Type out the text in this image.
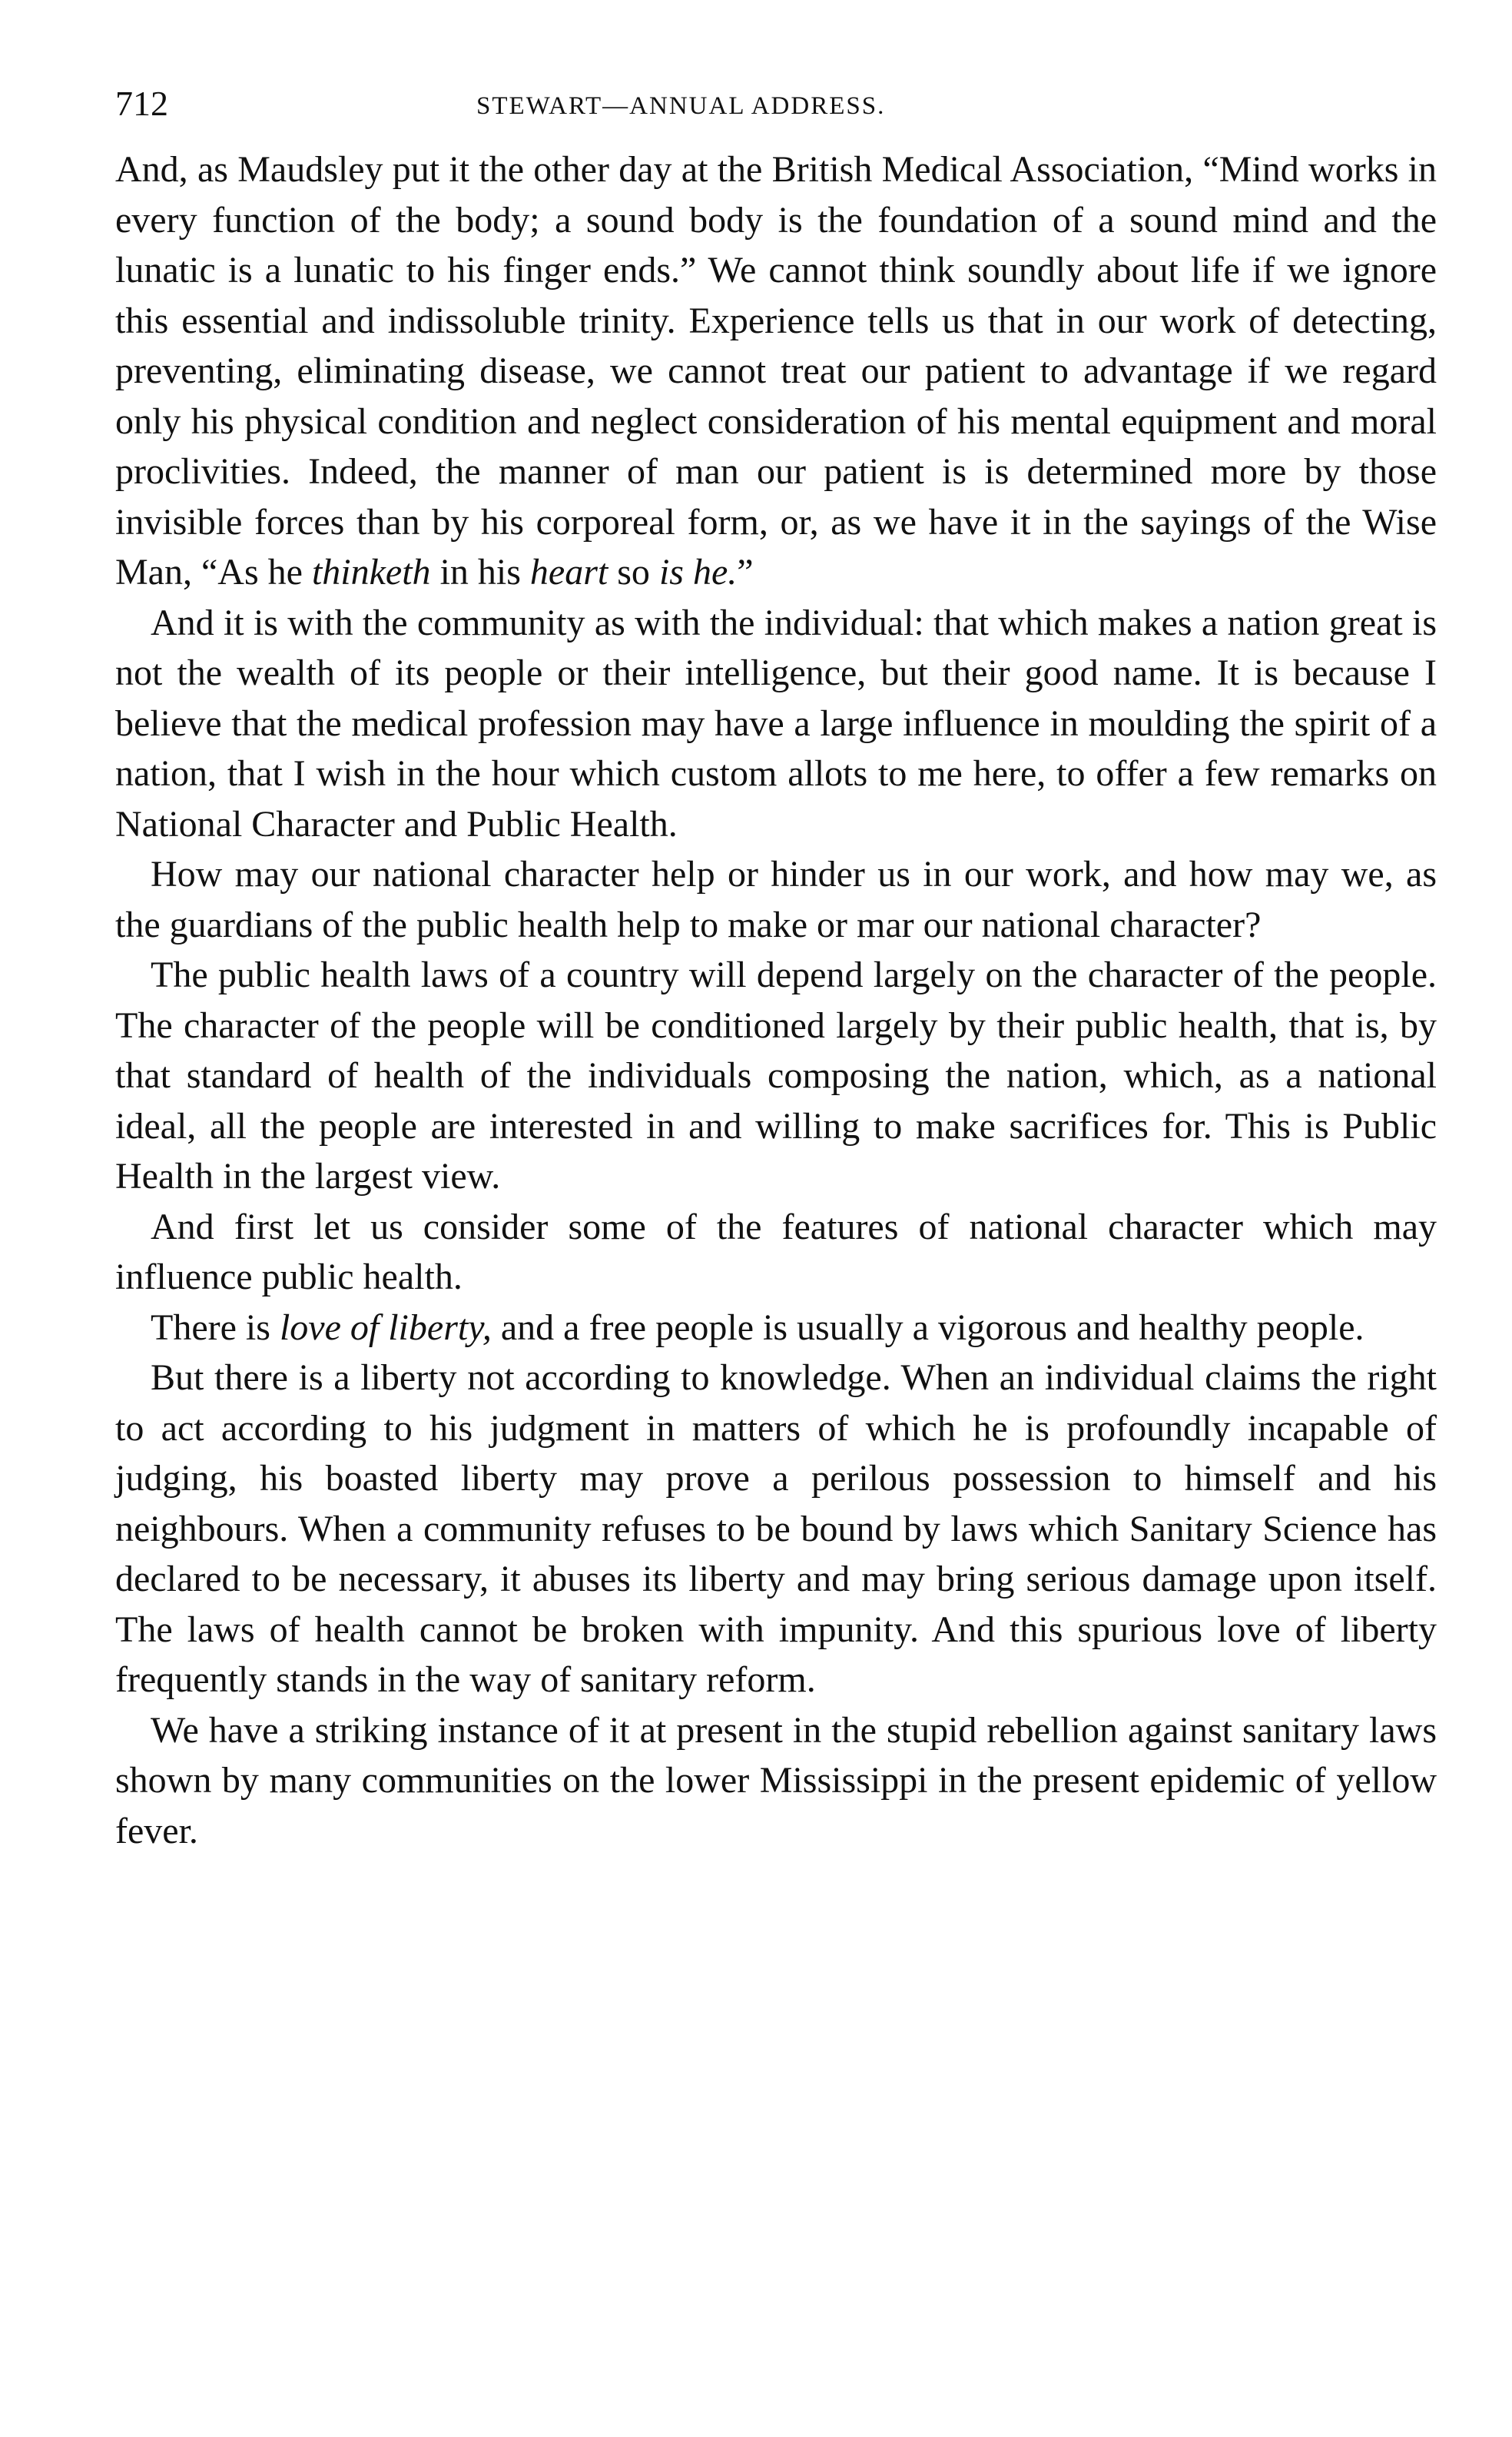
712	STEWART—ANNUAL ADDRESS.

And, as Maudsley put it the other day at the British Medical Association, “Mind works in every function of the body; a sound body is the foundation of a sound mind and the lunatic is a lunatic to his finger ends.” We cannot think soundly about life if we ignore this essential and indissoluble trinity. Experience tells us that in our work of detecting, preventing, eliminating disease, we cannot treat our patient to advantage if we regard only his physical condition and neglect consideration of his mental equipment and moral proclivities. Indeed, the manner of man our patient is is determined more by those invisible forces than by his corporeal form, or, as we have it in the sayings of the Wise Man, “As he thinketh in his heart so is he.”

And it is with the community as with the individual: that which makes a nation great is not the wealth of its people or their intelligence, but their good name. It is because I believe that the medical profession may have a large influence in moulding the spirit of a nation, that I wish in the hour which custom allots to me here, to offer a few remarks on National Character and Public Health.

How may our national character help or hinder us in our work, and how may we, as the guardians of the public health help to make or mar our national character?

The public health laws of a country will depend largely on the character of the people. The character of the people will be conditioned largely by their public health, that is, by that standard of health of the individuals composing the nation, which, as a national ideal, all the people are interested in and willing to make sacrifices for. This is Public Health in the largest view.

And first let us consider some of the features of national character which may influence public health.

There is love of liberty, and a free people is usually a vigorous and healthy people.

But there is a liberty not according to knowledge. When an individual claims the right to act according to his judgment in matters of which he is profoundly incapable of judging, his boasted liberty may prove a perilous possession to himself and his neighbours. When a community refuses to be bound by laws which Sanitary Science has declared to be necessary, it abuses its liberty and may bring serious damage upon itself. The laws of health cannot be broken with impunity. And this spurious love of liberty frequently stands in the way of sanitary reform.

We have a striking instance of it at present in the stupid rebellion against sanitary laws shown by many communities on the lower Mississippi in the present epidemic of yellow fever.
